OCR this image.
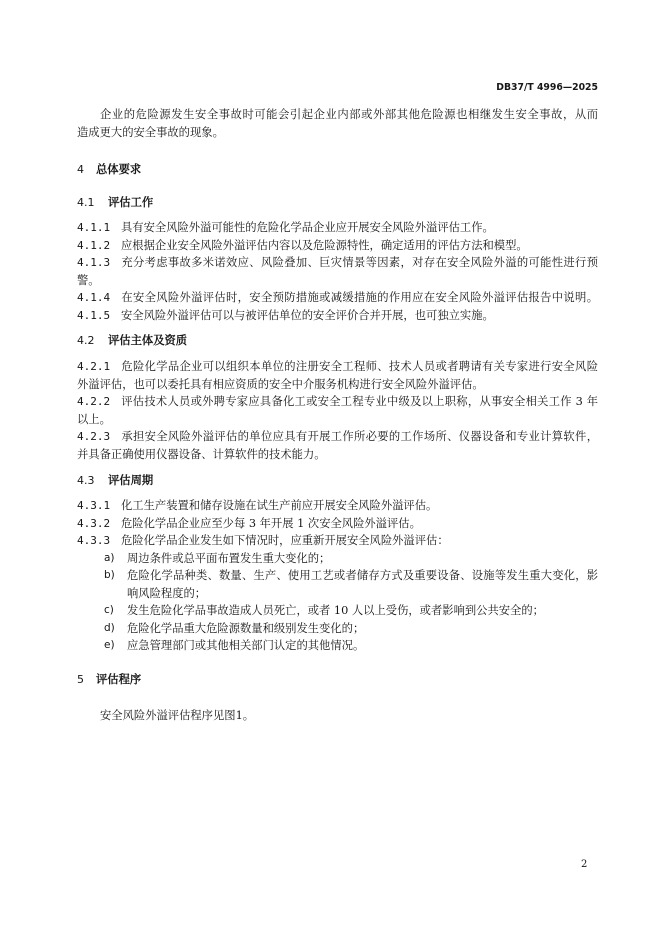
DB37/T 4996—2025
企业的危险源发生安全事故时可能会引起企业内部或外部其他危险源也相继发生安全事故，从而
造成更大的安全事故的现象。
4 总体要求
4.1 评估工作
4.1.1 具有安全风险外溢可能性的危险化学品企业应开展安全风险外溢评估工作。
4.1.2 应根据企业安全风险外溢评估内容以及危险源特性，确定适用的评估方法和模型。
4.1.3 充分考虑事故多米诺效应、风险叠加、巨灾情景等因素，对存在安全风险外溢的可能性进行预
警。
4.1.4 在安全风险外溢评估时，安全预防措施或减缓措施的作用应在安全风险外溢评估报告中说明。
4.1.5 安全风险外溢评估可以与被评估单位的安全评价合并开展，也可独立实施。
4.2 评估主体及资质
4.2.1 危险化学品企业可以组织本单位的注册安全工程师、技术人员或者聘请有关专家进行安全风险
外溢评估，也可以委托具有相应资质的安全中介服务机构进行安全风险外溢评估。
4.2.2 评估技术人员或外聘专家应具备化工或安全工程专业中级及以上职称，从事安全相关工作 3 年
以上。
4.2.3 承担安全风险外溢评估的单位应具有开展工作所必要的工作场所、仪器设备和专业计算软件，
并具备正确使用仪器设备、计算软件的技术能力。
4.3 评估周期
4.3.1 化工生产装置和储存设施在试生产前应开展安全风险外溢评估。
4.3.2 危险化学品企业应至少每 3 年开展 1 次安全风险外溢评估。
4.3.3 危险化学品企业发生如下情况时，应重新开展安全风险外溢评估：
a) 周边条件或总平面布置发生重大变化的；
b) 危险化学品种类、数量、生产、使用工艺或者储存方式及重要设备、设施等发生重大变化，影
响风险程度的；
c) 发生危险化学品事故造成人员死亡，或者 10 人以上受伤，或者影响到公共安全的；
d) 危险化学品重大危险源数量和级别发生变化的；
e) 应急管理部门或其他相关部门认定的其他情况。
5 评估程序
安全风险外溢评估程序见图1。
2
